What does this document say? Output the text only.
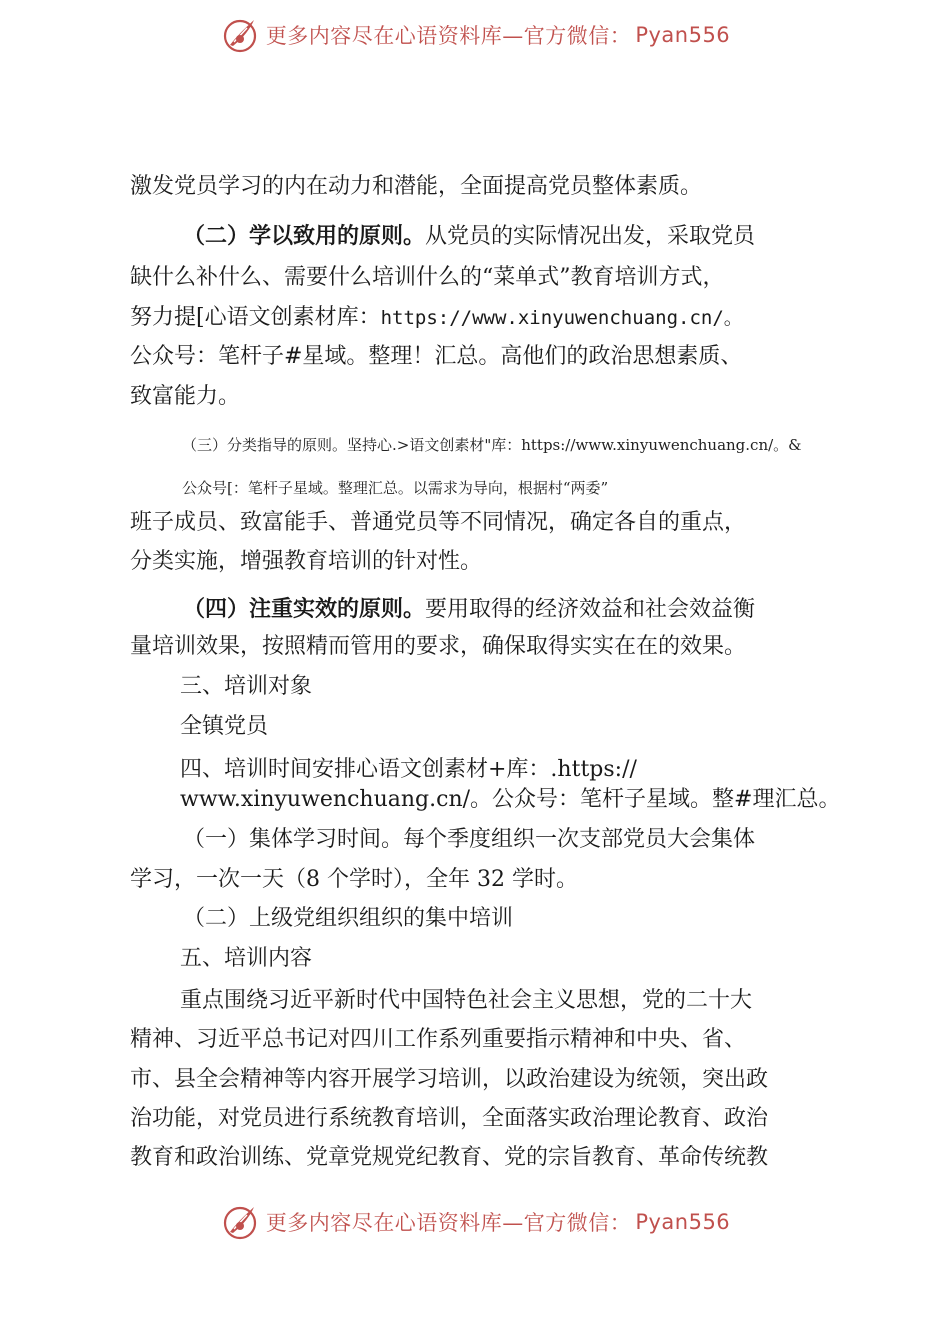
更多内容尽在心语资料库—官方微信： Pyan556

激发党员学习的内在动力和潜能，全面提高党员整体素质。

（二）学以致用的原则。从党员的实际情况出发，采取党员

缺什么补什么、需要什么培训什么的“菜单式”教育培训方式，

努力提[心语文创素材库：https://www.xinyuwenchuang.cn/。

公众号：笔杆子#星域。整理！汇总。高他们的政治思想素质、

致富能力。

（三）分类指导的原则。坚持心.>语文创素材"库：https://www.xinyuwenchuang.cn/。&

公众号[：笔杆子星域。整理汇总。以需求为导向，根据村“两委”

班子成员、致富能手、普通党员等不同情况，确定各自的重点，

分类实施，增强教育培训的针对性。

（四）注重实效的原则。要用取得的经济效益和社会效益衡

量培训效果，按照精而管用的要求，确保取得实实在在的效果。

三、培训对象

全镇党员

四、培训时间安排心语文创素材+库：.https://

www.xinyuwenchuang.cn/。公众号：笔杆子星域。整#理汇总。

（一）集体学习时间。每个季度组织一次支部党员大会集体

学习，一次一天（8 个学时），全年 32 学时。

（二）上级党组织组织的集中培训

五、培训内容

重点围绕习近平新时代中国特色社会主义思想，党的二十大

精神、习近平总书记对四川工作系列重要指示精神和中央、省、

市、县全会精神等内容开展学习培训，以政治建设为统领，突出政

治功能，对党员进行系统教育培训，全面落实政治理论教育、政治

教育和政治训练、党章党规党纪教育、党的宗旨教育、革命传统教

更多内容尽在心语资料库—官方微信： Pyan556
